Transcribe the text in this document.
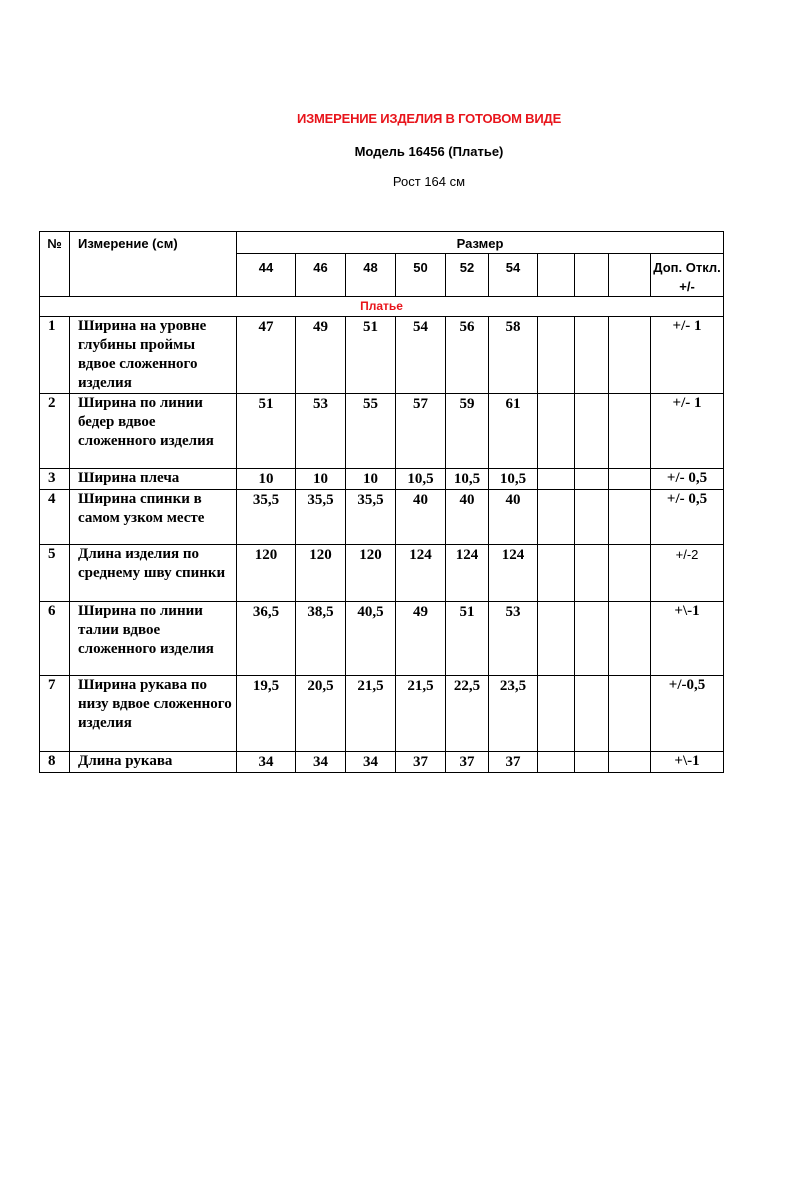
ИЗМЕРЕНИЕ ИЗДЕЛИЯ В ГОТОВОМ ВИДЕ
Модель 16456 (Платье)
Рост 164 см
№	Измерение (см)	Размер									
		44	46	48	50	52	54				Доп. Откл.
+/-

Платье											
1	Ширина на уровне глубины проймы вдвое сложенного изделия	47	49	51	54	56	58				+/- 1
2	Ширина по линии бедер вдвое сложенного изделия	51	53	55	57	59	61				+/- 1
3	Ширина плеча	10	10	10	10,5	10,5	10,5				+/- 0,5
4	Ширина спинки в самом узком месте	35,5	35,5	35,5	40	40	40				+/- 0,5
5	Длина изделия по среднему шву спинки	120	120	120	124	124	124				+/-2
6	Ширина по линии талии вдвое сложенного изделия	36,5	38,5	40,5	49	51	53				+\-1
7	Ширина рукава по низу вдвое сложенного изделия	19,5	20,5	21,5	21,5	22,5	23,5				+/-0,5
8	Длина рукава	34	34	34	37	37	37				+\-1
